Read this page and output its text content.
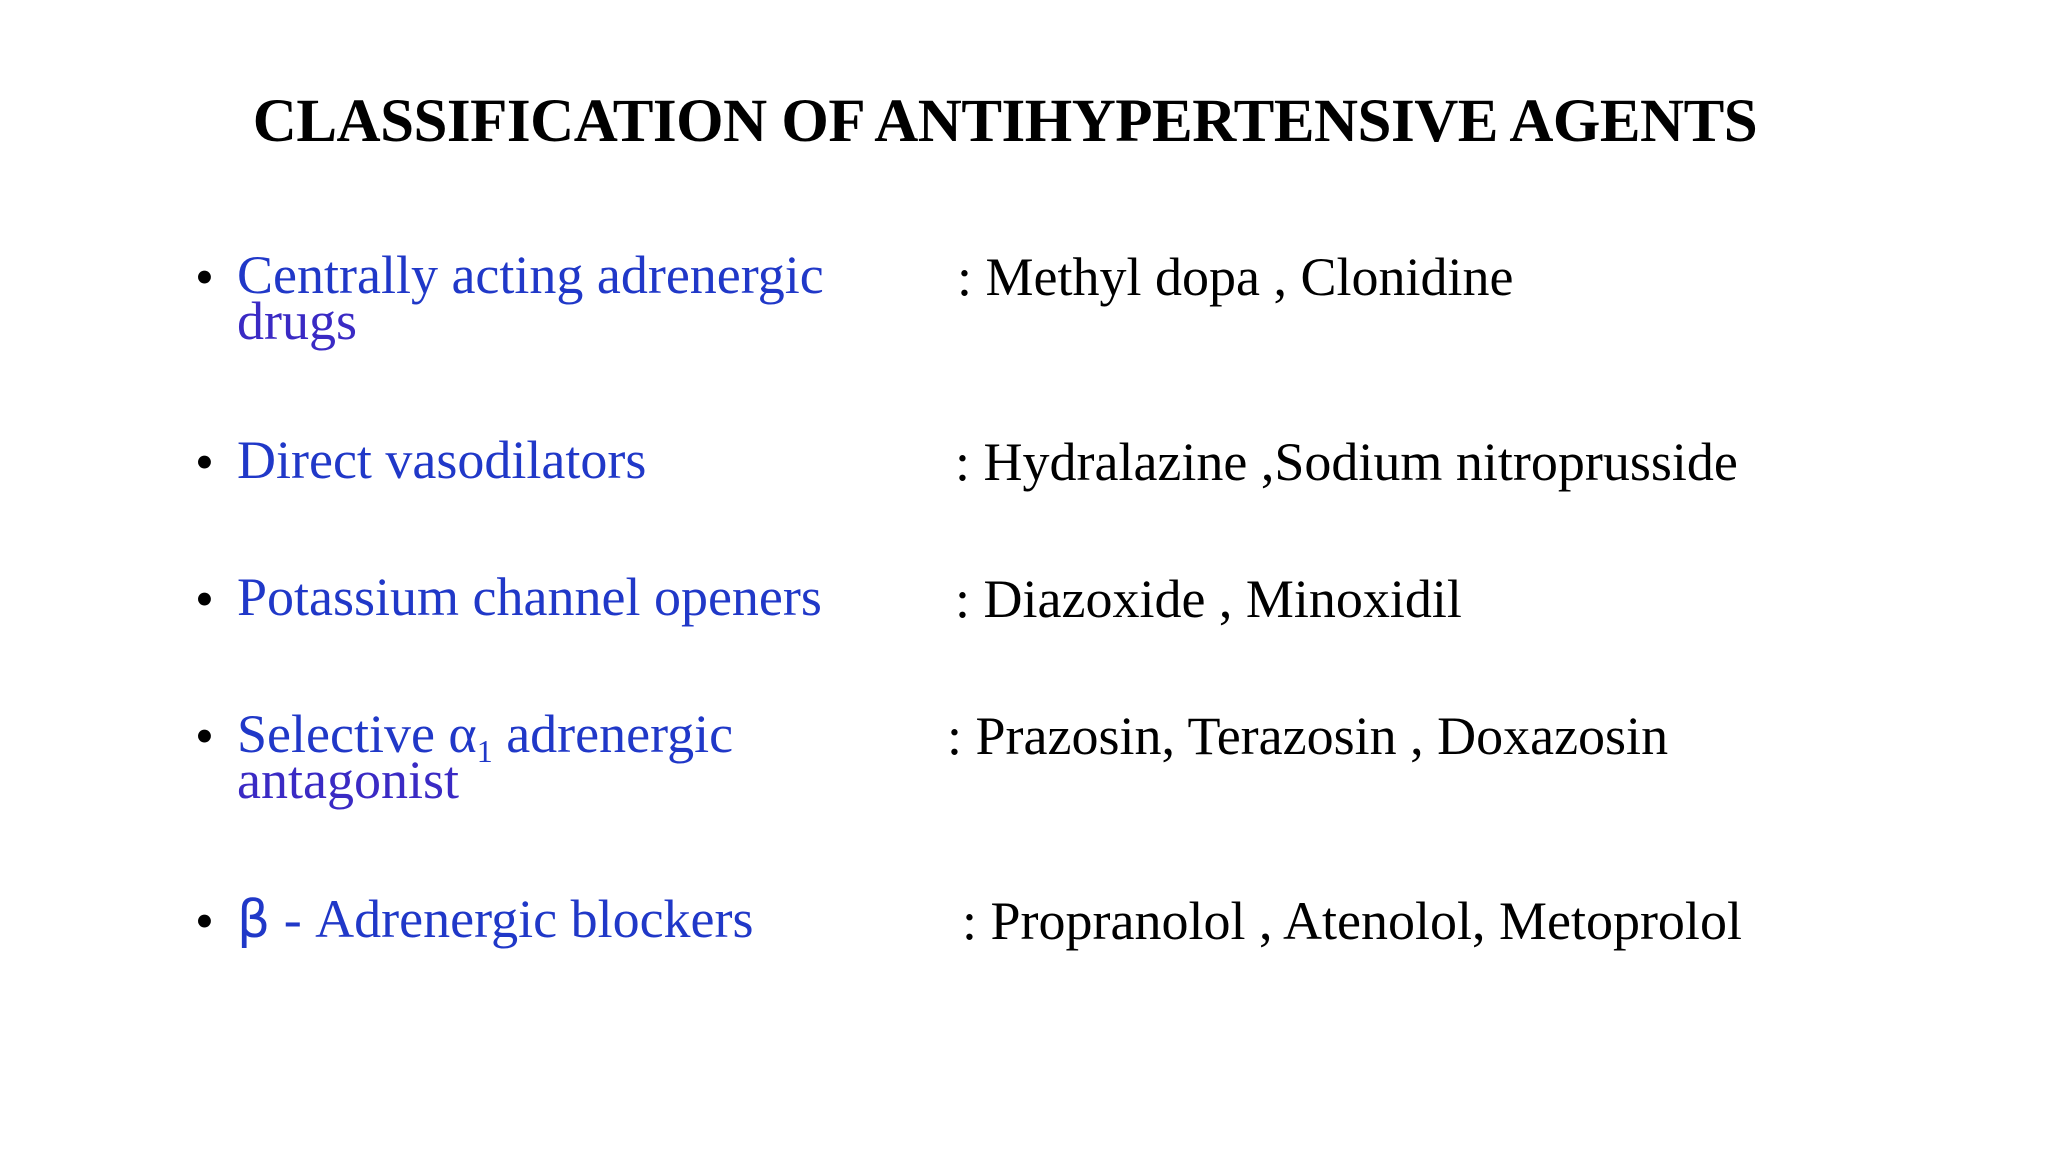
CLASSIFICATION OF ANTIHYPERTENSIVE AGENTS
• Centrally acting adrenergic
drugs
: Methyl dopa , Clonidine
• Direct vasodilators	: Hydralazine ,Sodium nitroprusside
• Potassium channel openers	: Diazoxide , Minoxidil
• Selective $\alpha_1$ adrenergic
antagonist
: Prazosin, Terazosin , Doxazosin
• β - Adrenergic blockers	: Propranolol , Atenolol, Metoprolol
